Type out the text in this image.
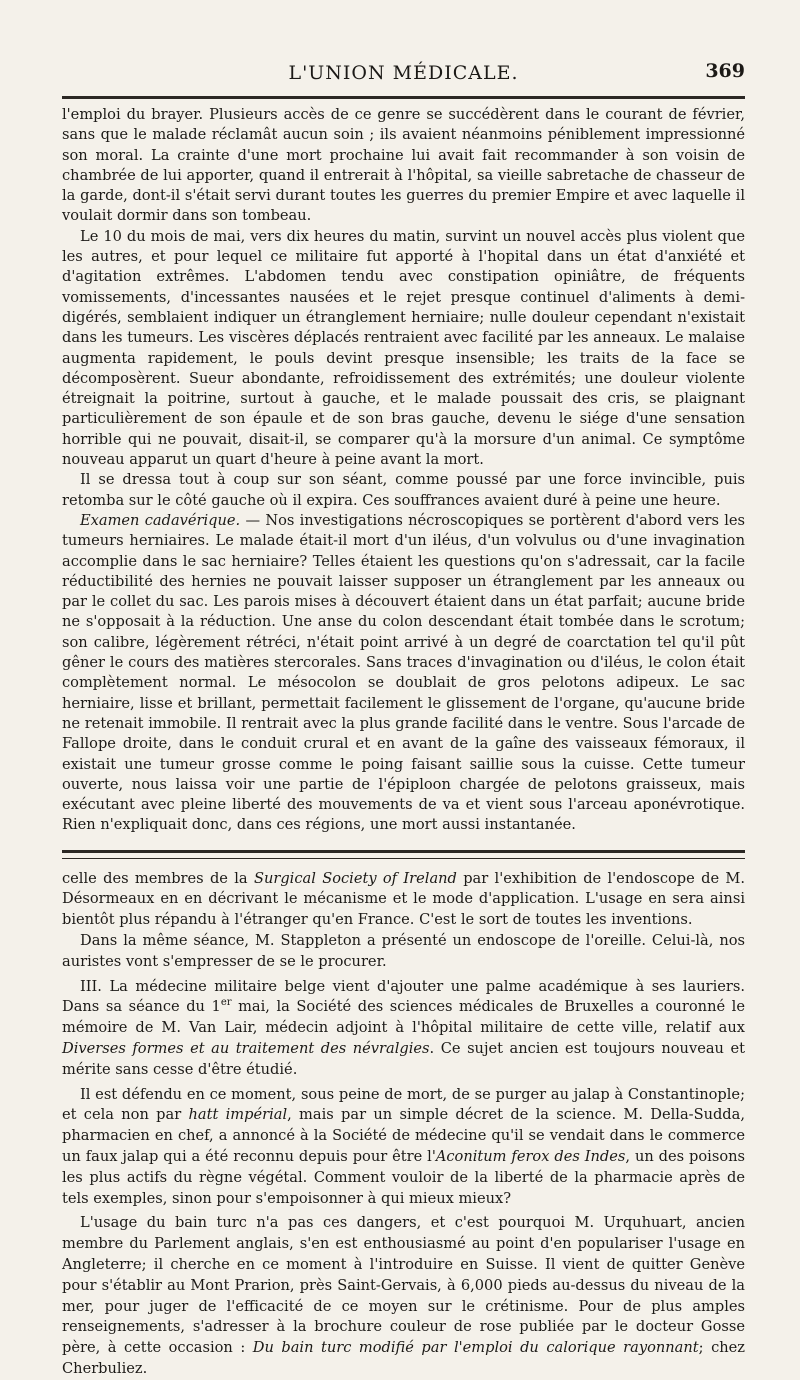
L'UNION MÉDICALE.	369

l'emploi du brayer. Plusieurs accès de ce genre se succédèrent dans le courant de février, sans que le malade réclamât aucun soin ; ils avaient néanmoins péniblement impressionné son moral. La crainte d'une mort prochaine lui avait fait recommander à son voisin de chambrée de lui apporter, quand il entrerait à l'hôpital, sa vieille sabretache de chasseur de la garde, dont-il s'était servi durant toutes les guerres du premier Empire et avec laquelle il voulait dormir dans son tombeau.

Le 10 du mois de mai, vers dix heures du matin, survint un nouvel accès plus violent que les autres, et pour lequel ce militaire fut apporté à l'hopital dans un état d'anxiété et d'agitation extrêmes. L'abdomen tendu avec constipation opiniâtre, de fréquents vomissements, d'incessantes nausées et le rejet presque continuel d'aliments à demi-digérés, semblaient indiquer un étranglement herniaire; nulle douleur cependant n'existait dans les tumeurs. Les viscères déplacés rentraient avec facilité par les anneaux. Le malaise augmenta rapidement, le pouls devint presque insensible; les traits de la face se décomposèrent. Sueur abondante, refroidissement des extrémités; une douleur violente étreignait la poitrine, surtout à gauche, et le malade poussait des cris, se plaignant particulièrement de son épaule et de son bras gauche, devenu le siége d'une sensation horrible qui ne pouvait, disait-il, se comparer qu'à la morsure d'un animal. Ce symptôme nouveau apparut un quart d'heure à peine avant la mort.

Il se dressa tout à coup sur son séant, comme poussé par une force invincible, puis retomba sur le côté gauche où il expira. Ces souffrances avaient duré à peine une heure.

Examen cadavérique. — Nos investigations nécroscopiques se portèrent d'abord vers les tumeurs herniaires. Le malade était-il mort d'un iléus, d'un volvulus ou d'une invagination accomplie dans le sac herniaire? Telles étaient les questions qu'on s'adressait, car la facile réductibilité des hernies ne pouvait laisser supposer un étranglement par les anneaux ou par le collet du sac. Les parois mises à découvert étaient dans un état parfait; aucune bride ne s'opposait à la réduction. Une anse du colon descendant était tombée dans le scrotum; son calibre, légèrement rétréci, n'était point arrivé à un degré de coarctation tel qu'il pût gêner le cours des matières stercorales. Sans traces d'invagination ou d'iléus, le colon était complètement normal. Le mésocolon se doublait de gros pelotons adipeux. Le sac herniaire, lisse et brillant, permettait facilement le glissement de l'organe, qu'aucune bride ne retenait immobile. Il rentrait avec la plus grande facilité dans le ventre. Sous l'arcade de Fallope droite, dans le conduit crural et en avant de la gaîne des vaisseaux fémoraux, il existait une tumeur grosse comme le poing faisant saillie sous la cuisse. Cette tumeur ouverte, nous laissa voir une partie de l'épiploon chargée de pelotons graisseux, mais exécutant avec pleine liberté des mouvements de va et vient sous l'arceau aponévrotique. Rien n'expliquait donc, dans ces régions, une mort aussi instantanée.

celle des membres de la Surgical Society of Ireland par l'exhibition de l'endoscope de M. Désormeaux en en décrivant le mécanisme et le mode d'application. L'usage en sera ainsi bientôt plus répandu à l'étranger qu'en France. C'est le sort de toutes les inventions.

Dans la même séance, M. Stappleton a présenté un endoscope de l'oreille. Celui-là, nos auristes vont s'empresser de se le procurer.

III. La médecine militaire belge vient d'ajouter une palme académique à ses lauriers. Dans sa séance du 1er mai, la Société des sciences médicales de Bruxelles a couronné le mémoire de M. Van Lair, médecin adjoint à l'hôpital militaire de cette ville, relatif aux Diverses formes et au traitement des névralgies. Ce sujet ancien est toujours nouveau et mérite sans cesse d'être étudié.

Il est défendu en ce moment, sous peine de mort, de se purger au jalap à Constantinople; et cela non par hatt impérial, mais par un simple décret de la science. M. Della-Sudda, pharmacien en chef, a annoncé à la Société de médecine qu'il se vendait dans le commerce un faux jalap qui a été reconnu depuis pour être l'Aconitum ferox des Indes, un des poisons les plus actifs du règne végétal. Comment vouloir de la liberté de la pharmacie après de tels exemples, sinon pour s'empoisonner à qui mieux mieux?

L'usage du bain turc n'a pas ces dangers, et c'est pourquoi M. Urquhuart, ancien membre du Parlement anglais, s'en est enthousiasmé au point d'en populariser l'usage en Angleterre; il cherche en ce moment à l'introduire en Suisse. Il vient de quitter Genève pour s'établir au Mont Prarion, près Saint-Gervais, à 6,000 pieds au-dessus du niveau de la mer, pour juger de l'efficacité de ce moyen sur le crétinisme. Pour de plus amples renseignements, s'adresser à la brochure couleur de rose publiée par le docteur Gosse père, à cette occasion : Du bain turc modifié par l'emploi du calorique rayonnant; chez Cherbuliez.
